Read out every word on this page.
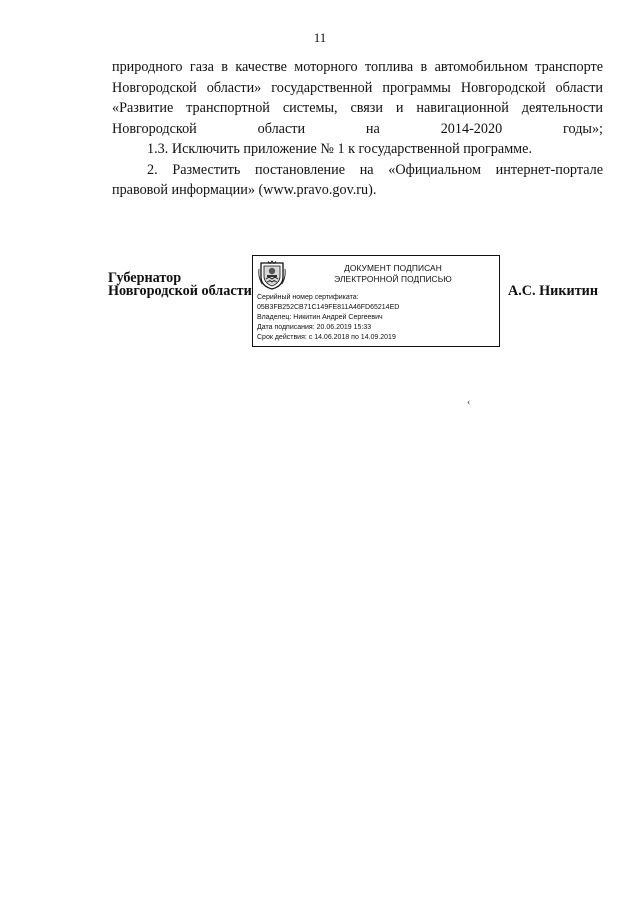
11

природного газа в качестве моторного топлива в автомобильном транспорте Новгородской области» государственной программы Новгородской области «Развитие транспортной системы, связи и навигационной деятельности Новгородской области на 2014-2020 годы»;

1.3. Исключить приложение № 1 к государственной программе.

2. Разместить постановление на «Официальном интернет-портале правовой информации» (www.pravo.gov.ru).

Губернатор
Новгородской области
ДОКУМЕНТ ПОДПИСАН
ЭЛЕКТРОННОЙ ПОДПИСЬЮ
Серийный номер сертификата:
05B3FB252CB71C149FE811A46FD65214ED
Владелец: Никитин Андрей Сергеевич
Дата подписания: 20.06.2019 15:33
Срок действия: с 14.06.2018 по 14.09.2019
А.С. Никитин
‹
